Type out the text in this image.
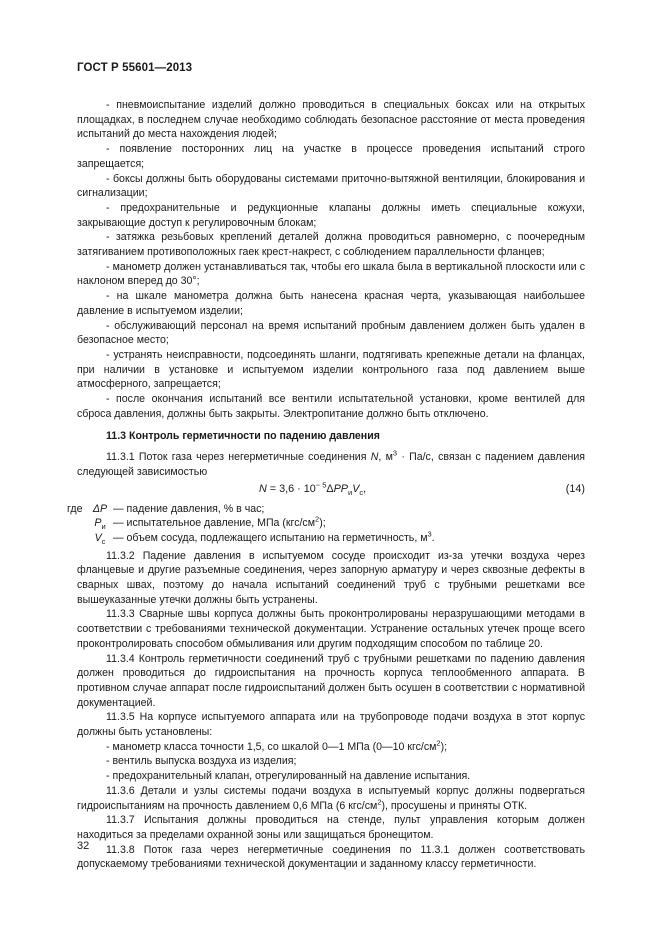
ГОСТ Р 55601—2013

- пневмоиспытание изделий должно проводиться в специальных боксах или на открытых площадках, в последнем случае необходимо соблюдать безопасное расстояние от места проведения испытаний до места нахождения людей;

- появление посторонних лиц на участке в процессе проведения испытаний строго запрещается;

- боксы должны быть оборудованы системами приточно-вытяжной вентиляции, блокирования и сигнализации;

- предохранительные и редукционные клапаны должны иметь специальные кожухи, закрывающие доступ к регулировочным блокам;

- затяжка резьбовых креплений деталей должна проводиться равномерно, с поочередным затягиванием противоположных гаек крест-накрест, с соблюдением параллельности фланцев;

- манометр должен устанавливаться так, чтобы его шкала была в вертикальной плоскости или с наклоном вперед до 30°;

- на шкале манометра должна быть нанесена красная черта, указывающая наибольшее давление в испытуемом изделии;

- обслуживающий персонал на время испытаний пробным давлением должен быть удален в безопасное место;

- устранять неисправности, подсоединять шланги, подтягивать крепежные детали на фланцах, при наличии в установке и испытуемом изделии контрольного газа под давлением выше атмосферного, запрещается;

- после окончания испытаний все вентили испытательной установки, кроме вентилей для сброса давления, должны быть закрыты. Электропитание должно быть отключено.

11.3 Контроль герметичности по падению давления

11.3.1 Поток газа через негерметичные соединения N, $м^3 \cdot Па/с$, связан с падением давления следующей зависимостью

$N = 3,6 \cdot 10^{- 5}\Delta PP_иV_с$,	(14)
где ΔP — падение давления, % в час;
$P_и$ — испытательное давление, МПа $(кгс/см^2)$;
$V_с$ — объем сосуда, подлежащего испытанию на герметичность, $м^3$.

11.3.2 Падение давления в испытуемом сосуде происходит из-за утечки воздуха через фланцевые и другие разъемные соединения, через запорную арматуру и через сквозные дефекты в сварных швах, поэтому до начала испытаний соединений труб с трубными решетками все вышеуказанные утечки должны быть устранены.

11.3.3 Сварные швы корпуса должны быть проконтролированы неразрушающими методами в соответствии с требованиями технической документации. Устранение остальных утечек проще всего проконтролировать способом обмыливания или другим подходящим способом по таблице 20.

11.3.4 Контроль герметичности соединений труб с трубными решетками по падению давления должен проводиться до гидроиспытания на прочность корпуса теплообменного аппарата. В противном случае аппарат после гидроиспытаний должен быть осушен в соответствии с нормативной документацией.

11.3.5 На корпусе испытуемого аппарата или на трубопроводе подачи воздуха в этот корпус должны быть установлены:

- манометр класса точности 1,5, со шкалой 0—1 МПа (0—10 кгс/$см^2$);

- вентиль выпуска воздуха из изделия;

- предохранительный клапан, отрегулированный на давление испытания.

11.3.6 Детали и узлы системы подачи воздуха в испытуемый корпус должны подвергаться гидроиспытаниям на прочность давлением 0,6 МПа (6 кгс/$см^2$), просушены и приняты ОТК.

11.3.7 Испытания должны проводиться на стенде, пульт управления которым должен находиться за пределами охранной зоны или защищаться бронещитом.

11.3.8 Поток газа через негерметичные соединения по 11.3.1 должен соответствовать допускаемому требованиями технической документации и заданному классу герметичности.

32
